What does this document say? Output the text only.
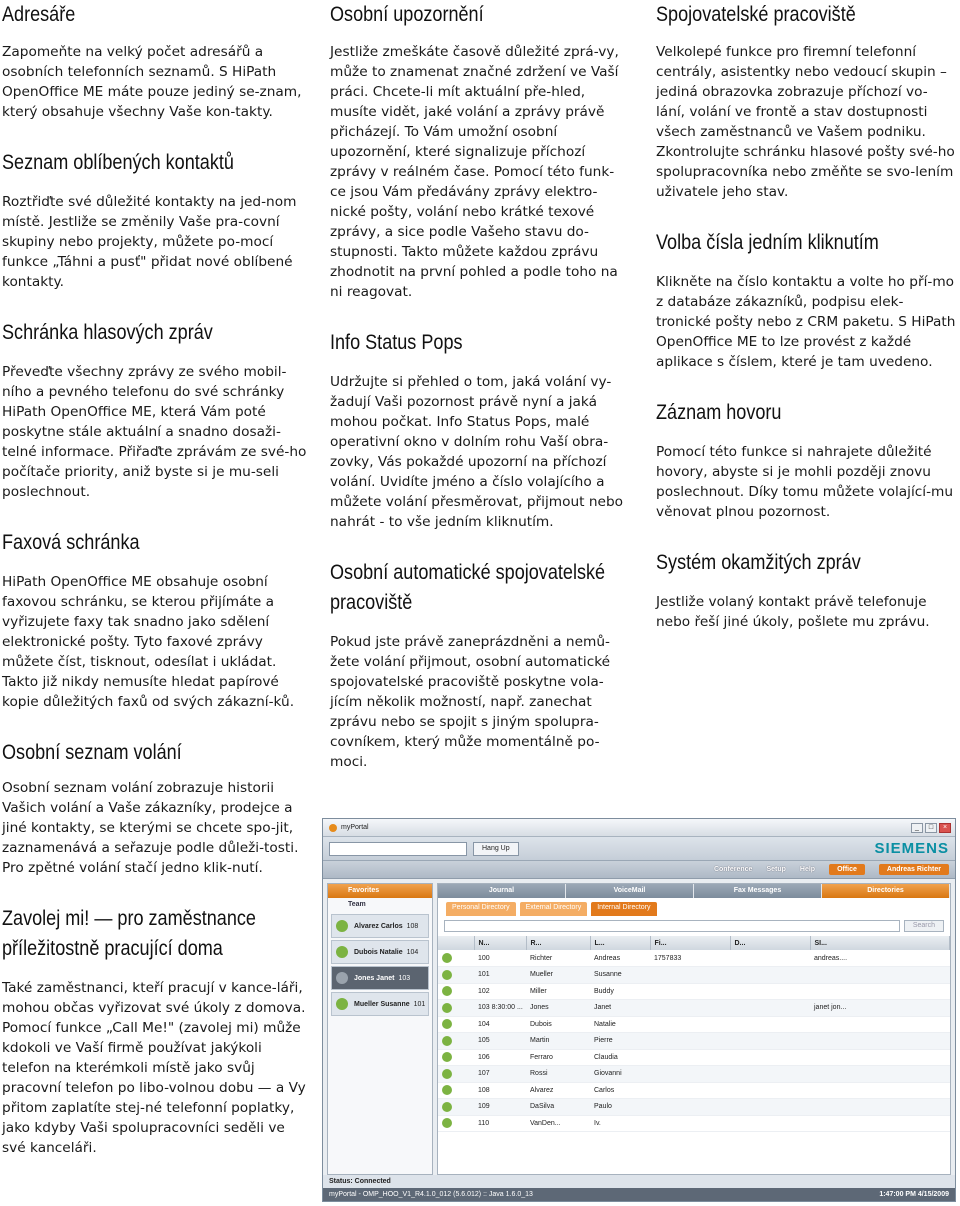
Adresáře

Zapomeňte na velký počet adresářů a osobních telefonních seznamů. S HiPath OpenOffice ME máte pouze jediný se-znam, který obsahuje všechny Vaše kon-takty.

Seznam oblíbených kontaktů

Roztřiďte své důležité kontakty na jed-nom místě. Jestliže se změnily Vaše pra-covní skupiny nebo projekty, můžete po-mocí funkce „Táhni a pusť" přidat nové oblíbené kontakty.

Schránka hlasových zpráv

Převeďte všechny zprávy ze svého mobil-ního a pevného telefonu do své schránky HiPath OpenOffice ME, která Vám poté poskytne stále aktuální a snadno dosaži-telné informace. Přiřaďte zprávám ze své-ho počítače priority, aniž byste si je mu-seli poslechnout.

Faxová schránka

HiPath OpenOffice ME obsahuje osobní faxovou schránku, se kterou přijímáte a vyřizujete faxy tak snadno jako sdělení elektronické pošty. Tyto faxové zprávy můžete číst, tisknout, odesílat i ukládat. Takto již nikdy nemusíte hledat papírové kopie důležitých faxů od svých zákazní-ků.

Osobní seznam volání

Osobní seznam volání zobrazuje historii Vašich volání a Vaše zákazníky, prodejce a jiné kontakty, se kterými se chcete spo-jit, zaznamenává a seřazuje podle důleži-tosti. Pro zpětné volání stačí jedno klik-nutí.

Zavolej mi! — pro zaměstnance
příležitostně pracující doma

Také zaměstnanci, kteří pracují v kance-láři, mohou občas vyřizovat své úkoly z domova. Pomocí funkce „Call Me!" (zavolej mi) může kdokoli ve Vaší firmě používat jakýkoli telefon na kterémkoli místě jako svůj pracovní telefon po libo-volnou dobu — a Vy přitom zaplatíte stej-né telefonní poplatky, jako kdyby Vaši spolupracovníci seděli ve své kanceláři.

Osobní upozornění

Jestliže zmeškáte časově důležité zprá-vy, může to znamenat značné zdržení ve Vaší práci. Chcete-li mít aktuální pře-hled, musíte vidět, jaké volání a zprávy právě přicházejí. To Vám umožní osobní upozornění, které signalizuje příchozí zprávy v reálném čase. Pomocí této funk-ce jsou Vám předávány zprávy elektro-nické pošty, volání nebo krátké texové zprávy, a sice podle Vašeho stavu do-stupnosti. Takto můžete každou zprávu zhodnotit na první pohled a podle toho na ni reagovat.

Info Status Pops

Udržujte si přehled o tom, jaká volání vy-žadují Vaši pozornost právě nyní a jaká mohou počkat. Info Status Pops, malé operativní okno v dolním rohu Vaší obra-zovky, Vás pokaždé upozorní na příchozí volání. Uvidíte jméno a číslo volajícího a můžete volání přesměrovat, přijmout nebo nahrát - to vše jedním kliknutím.

Osobní automatické spojovatelské
pracoviště

Pokud jste právě zaneprázdněni a nemů-žete volání přijmout, osobní automatické spojovatelské pracoviště poskytne vola-jícím několik možností, např. zanechat zprávu nebo se spojit s jiným spolupra-covníkem, který může momentálně po-moci.

Spojovatelské pracoviště

Velkolepé funkce pro firemní telefonní centrály, asistentky nebo vedoucí skupin – jediná obrazovka zobrazuje příchozí vo-lání, volání ve frontě a stav dostupnosti všech zaměstnanců ve Vašem podniku. Zkontrolujte schránku hlasové pošty své-ho spolupracovníka nebo změňte se svo-lením uživatele jeho stav.

Volba čísla jedním kliknutím

Klikněte na číslo kontaktu a volte ho pří-mo z databáze zákazníků, podpisu elek-tronické pošty nebo z CRM paketu. S HiPath OpenOffice ME to lze provést z každé aplikace s číslem, které je tam uvedeno.

Záznam hovoru

Pomocí této funkce si nahrajete důležité hovory, abyste si je mohli později znovu poslechnout. Díky tomu můžete volající-mu věnovat plnou pozornost.

Systém okamžitých zpráv

Jestliže volaný kontakt právě telefonuje nebo řeší jiné úkoly, pošlete mu zprávu.

myPortal	_	□	×
Hang Up	SIEMENS
Conference Setup Help	Office	Andreas Richter
Favorites
Team
Alvarez Carlos 108
Dubois Natalie 104
Jones Janet 103
Mueller Susanne 101
Journal	VoiceMail	Fax Messages	Directories
Personal Directory	External Directory	Internal Directory
Search
	N...	R...	L...	Fi...	D...	SI...
	100	Richter	Andreas	1757833		andreas....
	101	Mueller	Susanne			
	102	Miller	Buddy			
	103 8:30:00 ...	Jones	Janet			janet jon...
	104	Dubois	Natalie			
	105	Martin	Pierre			
	106	Ferraro	Claudia			
	107	Rossi	Giovanni			
	108	Alvarez	Carlos			
	109	DaSilva	Paulo			
	110	VanDen...	Iv.			
Status: Connected
myPortal - OMP_HOO_V1_R4.1.0_012 (5.6.012) :: Java 1.6.0_13	1:47:00 PM 4/15/2009
